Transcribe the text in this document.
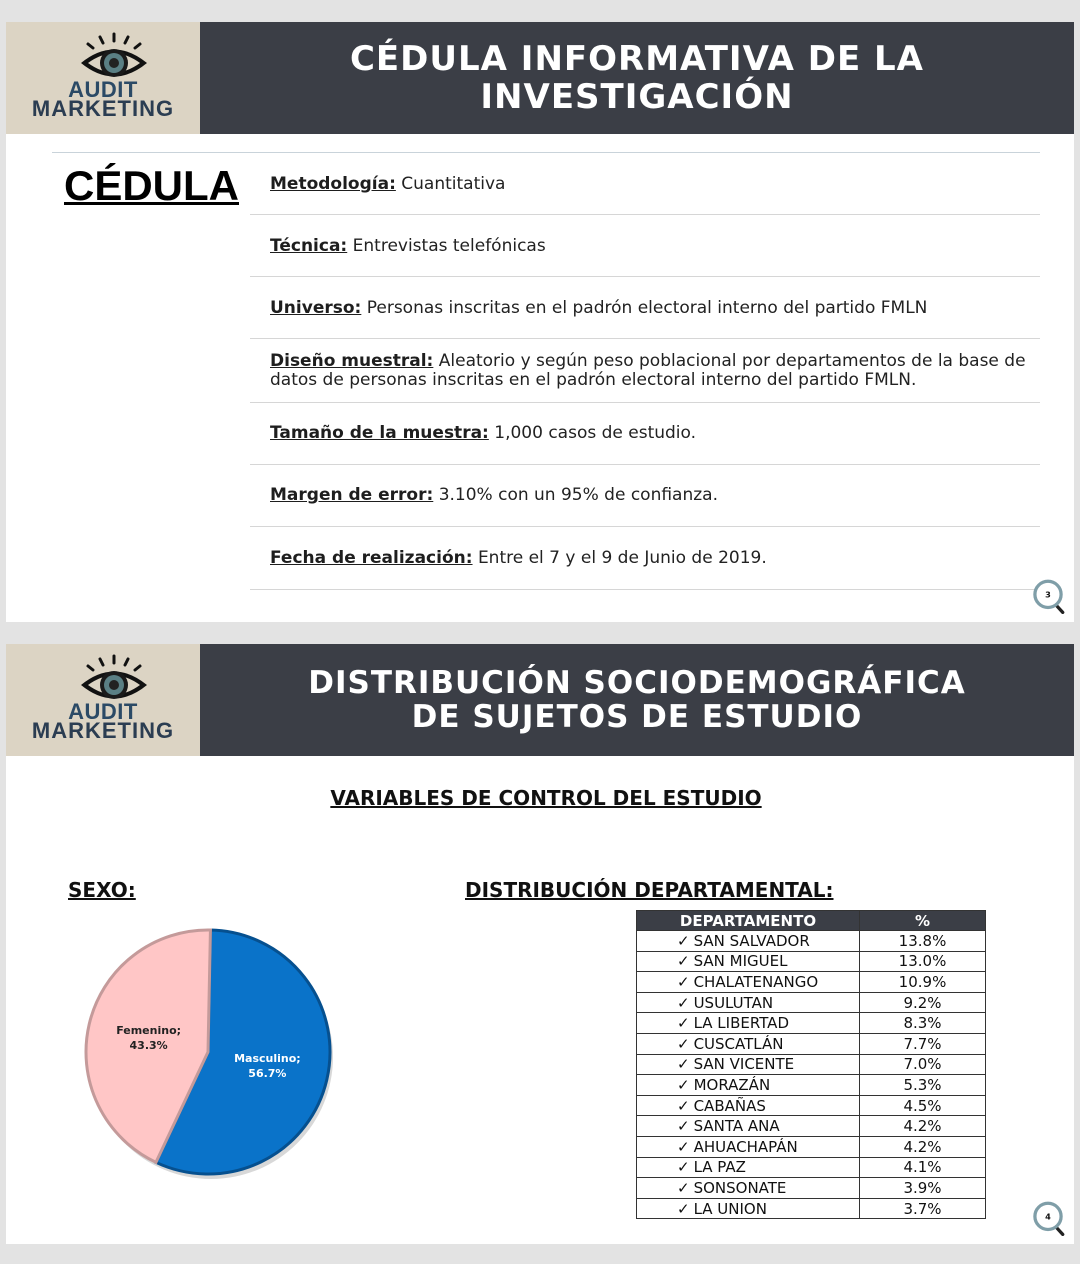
AUDIT
MARKETING
CÉDULA INFORMATIVA DE LA
INVESTIGACIÓN
CÉDULA	Metodología: Cuantitativa
Técnica: Entrevistas telefónicas
Universo: Personas inscritas en el padrón electoral interno del partido FMLN
Diseño muestral: Aleatorio y según peso poblacional por departamentos de la base de datos de personas inscritas en el padrón electoral interno del partido FMLN.
Tamaño de la muestra: 1,000 casos de estudio.
Margen de error: 3.10% con un 95% de confianza.
Fecha de realización: Entre el 7 y el 9 de Junio de 2019.
3
AUDIT
MARKETING
DISTRIBUCIÓN SOCIODEMOGRÁFICA
DE SUJETOS DE ESTUDIO
VARIABLES DE CONTROL DEL ESTUDIO
SEXO:	DISTRIBUCIÓN DEPARTAMENTAL:
Masculino; 56.7%
Femenino; 43.3%
DEPARTAMENTO	%
✓ SAN SALVADOR	13.8%
✓ SAN MIGUEL	13.0%
✓ CHALATENANGO	10.9%
✓ USULUTAN	9.2%
✓ LA LIBERTAD	8.3%
✓ CUSCATLÁN	7.7%
✓ SAN VICENTE	7.0%
✓ MORAZÁN	5.3%
✓ CABAÑAS	4.5%
✓ SANTA ANA	4.2%
✓ AHUACHAPÁN	4.2%
✓ LA PAZ	4.1%
✓ SONSONATE	3.9%
✓ LA UNION	3.7%	4
